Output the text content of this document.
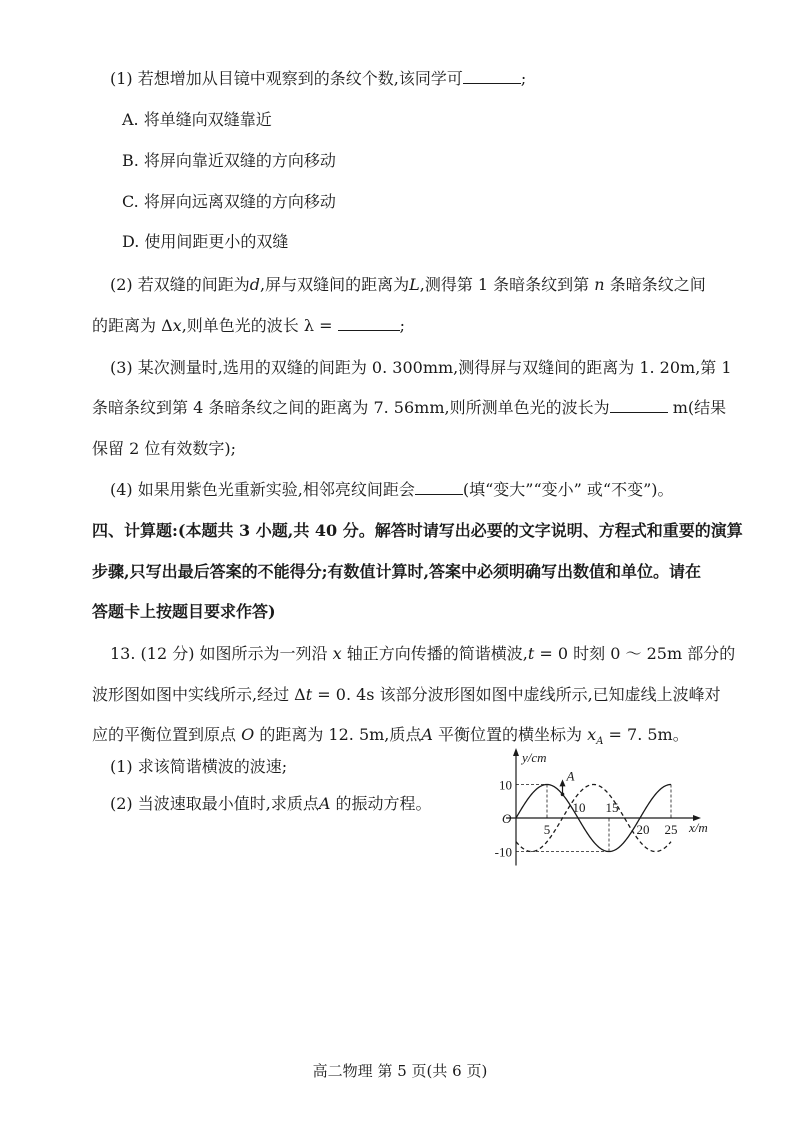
(1) 若想增加从目镜中观察到的条纹个数,该同学可	;
A. 将单缝向双缝靠近
B. 将屏向靠近双缝的方向移动
C. 将屏向远离双缝的方向移动
D. 使用间距更小的双缝
(2) 若双缝的间距为d,屏与双缝间的距离为L,测得第 1 条暗条纹到第 n 条暗条纹之间
的距离为 Δx,则单色光的波长 λ =	;
(3) 某次测量时,选用的双缝的间距为 0. 300mm,测得屏与双缝间的距离为 1. 20m,第 1
条暗条纹到第 4 条暗条纹之间的距离为 7. 56mm,则所测单色光的波长为	m(结果
保留 2 位有效数字);
(4) 如果用紫色光重新实验,相邻亮纹间距会	(填“变大”“变小” 或“不变”)。
四、计算题:(本题共 3 小题,共 40 分。解答时请写出必要的文字说明、方程式和重要的演算
步骤,只写出最后答案的不能得分;有数值计算时,答案中必须明确写出数值和单位。请在
答题卡上按题目要求作答)
13. (12 分) 如图所示为一列沿 x 轴正方向传播的简谐横波,t = 0 时刻 0 ～ 25m 部分的
波形图如图中实线所示,经过 Δt = 0. 4s 该部分波形图如图中虚线所示,已知虚线上波峰对
应的平衡位置到原点 O 的距离为 12. 5m,质点A 平衡位置的横坐标为 $x_A = 7$. 5m。
(1) 求该简谐横波的波速;
(2) 当波速取最小值时,求质点A 的振动方程。
y/cm
x/m
O
10
-10
5
10 15
20 25
A
高二物理 第 5 页(共 6 页)
